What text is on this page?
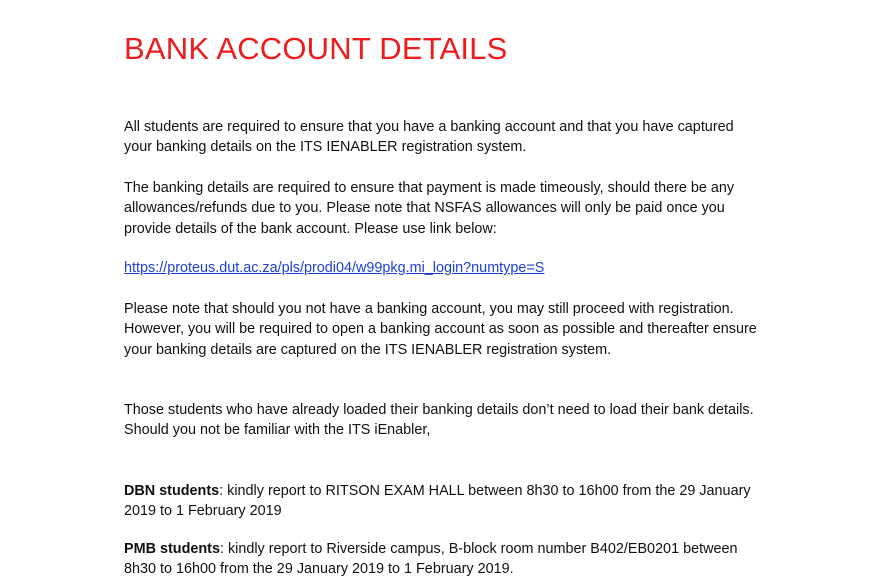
BANK ACCOUNT DETAILS

All students are required to ensure that you have a banking account and that you have captured your banking details on the ITS IENABLER registration system.

The banking details are required to ensure that payment is made timeously, should there be any allowances/refunds due to you. Please note that NSFAS allowances will only be paid once you provide details of the bank account. Please use link below:

https://proteus.dut.ac.za/pls/prodi04/w99pkg.mi_login?numtype=S

Please note that should you not have a banking account, you may still proceed with registration. However, you will be required to open a banking account as soon as possible and thereafter ensure your banking details are captured on the ITS IENABLER registration system.

Those students who have already loaded their banking details don’t need to load their bank details.
Should you not be familiar with the ITS iEnabler,

DBN students: kindly report to RITSON EXAM HALL between 8h30 to 16h00 from the 29 January 2019 to 1 February 2019

PMB students: kindly report to Riverside campus, B-block room number B402/EB0201 between 8h30 to 16h00 from the 29 January 2019 to 1 February 2019.
